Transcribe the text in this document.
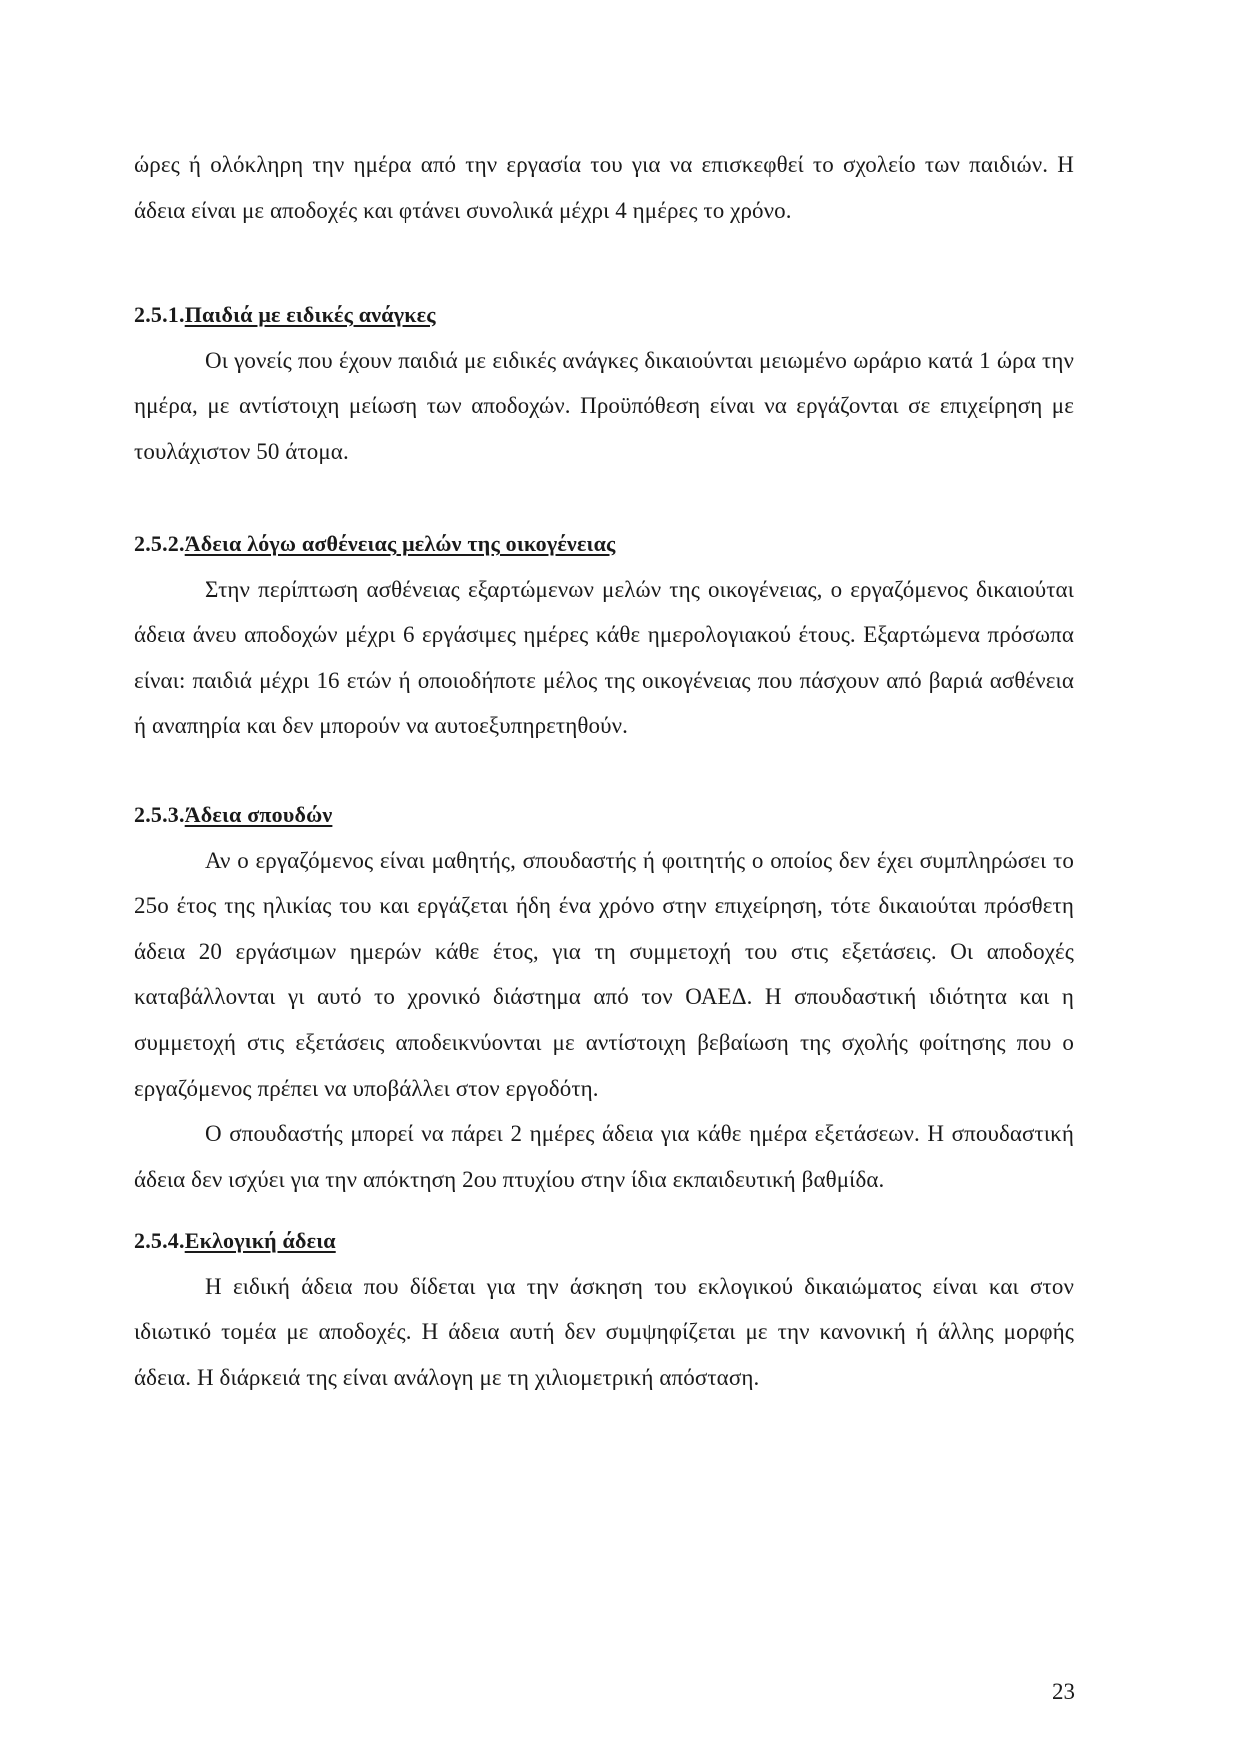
ώρες ή ολόκληρη την ημέρα από την εργασία του για να επισκεφθεί το σχολείο των παιδιών. Η άδεια είναι με αποδοχές και φτάνει συνολικά μέχρι 4 ημέρες το χρόνο.

2.5.1.Παιδιά με ειδικές ανάγκες

Οι γονείς που έχουν παιδιά με ειδικές ανάγκες δικαιούνται μειωμένο ωράριο κατά 1 ώρα την ημέρα, με αντίστοιχη μείωση των αποδοχών. Προϋπόθεση είναι να εργάζονται σε επιχείρηση με τουλάχιστον 50 άτομα.

2.5.2.Άδεια λόγω ασθένειας μελών της οικογένειας

Στην περίπτωση ασθένειας εξαρτώμενων μελών της οικογένειας, ο εργαζόμενος δικαιούται άδεια άνευ αποδοχών μέχρι 6 εργάσιμες ημέρες κάθε ημερολογιακού έτους. Εξαρτώμενα πρόσωπα είναι: παιδιά μέχρι 16 ετών ή οποιοδήποτε μέλος της οικογένειας που πάσχουν από βαριά ασθένεια ή αναπηρία και δεν μπορούν να αυτοεξυπηρετηθούν.

2.5.3.Άδεια σπουδών

Αν ο εργαζόμενος είναι μαθητής, σπουδαστής ή φοιτητής ο οποίος δεν έχει συμπληρώσει το 25ο έτος της ηλικίας του και εργάζεται ήδη ένα χρόνο στην επιχείρηση, τότε δικαιούται πρόσθετη άδεια 20 εργάσιμων ημερών κάθε έτος, για τη συμμετοχή του στις εξετάσεις. Οι αποδοχές καταβάλλονται γι αυτό το χρονικό διάστημα από τον ΟΑΕΔ. Η σπουδαστική ιδιότητα και η συμμετοχή στις εξετάσεις αποδεικνύονται με αντίστοιχη βεβαίωση της σχολής φοίτησης που ο εργαζόμενος πρέπει να υποβάλλει στον εργοδότη.

Ο σπουδαστής μπορεί να πάρει 2 ημέρες άδεια για κάθε ημέρα εξετάσεων. Η σπουδαστική άδεια δεν ισχύει για την απόκτηση 2ου πτυχίου στην ίδια εκπαιδευτική βαθμίδα.

2.5.4.Εκλογική άδεια

Η ειδική άδεια που δίδεται για την άσκηση του εκλογικού δικαιώματος είναι και στον ιδιωτικό τομέα με αποδοχές. Η άδεια αυτή δεν συμψηφίζεται με την κανονική ή άλλης μορφής άδεια. Η διάρκειά της είναι ανάλογη με τη χιλιομετρική απόσταση.

23
